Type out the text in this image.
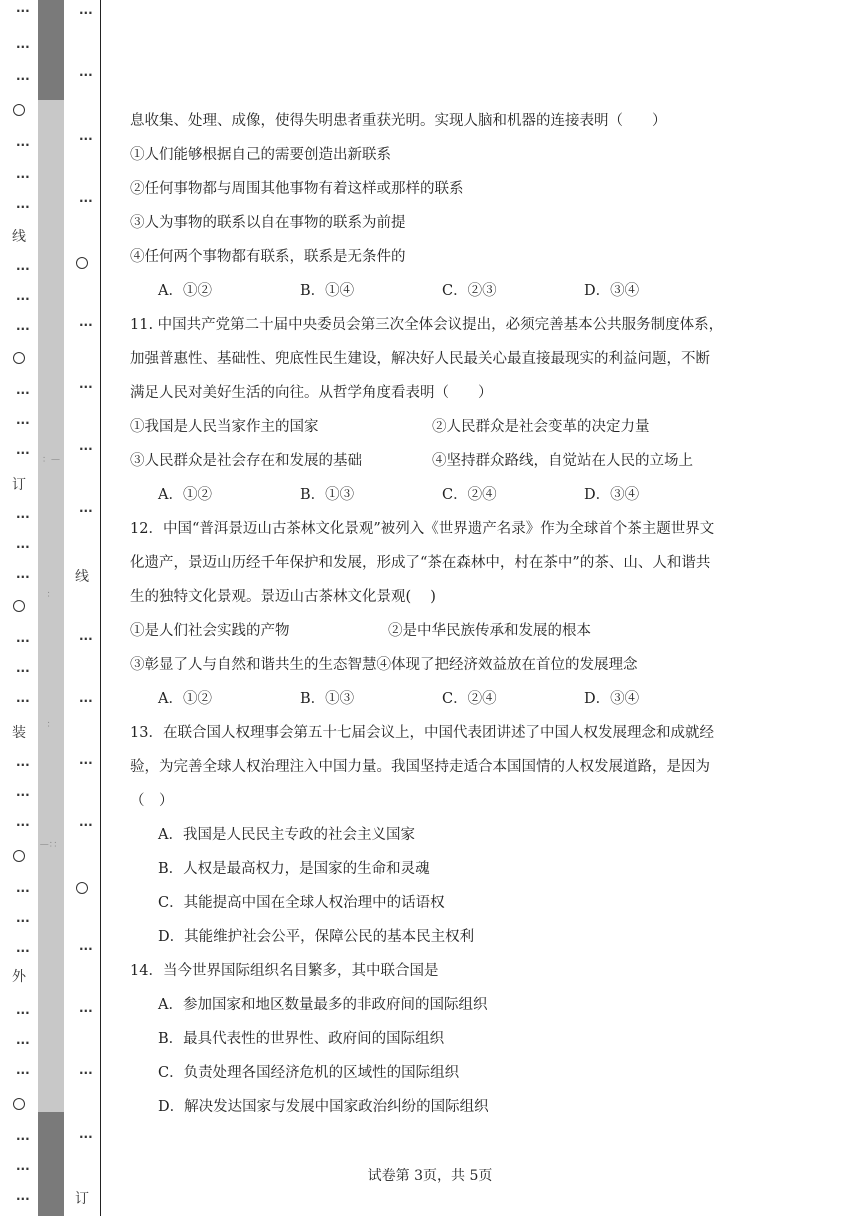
···
···
···
···
···
···
线
···
···
···
···
···
···
订
···
···
···
···
···
···
装
···
···
···
···
···
···
外
···
···
···
···
···
···
：—
：
：
—：：
···
···
···
···
···
···
···
···
线
···
···
···
···
···
···
···
···
订
息收集、处理、成像，使得失明患者重获光明。实现人脑和机器的连接表明（　　）
①人们能够根据自己的需要创造出新联系
②任何事物都与周围其他事物有着这样或那样的联系
③人为事物的联系以自在事物的联系为前提
④任何两个事物都有联系，联系是无条件的
A．①②	B．①④	C．②③	D．③④
11. 中国共产党第二十届中央委员会第三次全体会议提出，必须完善基本公共服务制度体系，
加强普惠性、基础性、兜底性民生建设，解决好人民最关心最直接最现实的利益问题，不断
满足人民对美好生活的向往。从哲学角度看表明（　　）
①我国是人民当家作主的国家	②人民群众是社会变革的决定力量
③人民群众是社会存在和发展的基础	④坚持群众路线，自觉站在人民的立场上
A．①②	B．①③	C．②④	D．③④
12．中国“普洱景迈山古茶林文化景观”被列入《世界遗产名录》作为全球首个茶主题世界文
化遗产，景迈山历经千年保护和发展，形成了“茶在森林中，村在茶中”的茶、山、人和谐共
生的独特文化景观。景迈山古茶林文化景观(　 )
①是人们社会实践的产物	②是中华民族传承和发展的根本
③彰显了人与自然和谐共生的生态智慧④体现了把经济效益放在首位的发展理念
A．①②	B．①③	C．②④	D．③④
13．在联合国人权理事会第五十七届会议上，中国代表团讲述了中国人权发展理念和成就经
验，为完善全球人权治理注入中国力量。我国坚持走适合本国国情的人权发展道路，是因为
（　）
A．我国是人民民主专政的社会主义国家
B．人权是最高权力，是国家的生命和灵魂
C．其能提高中国在全球人权治理中的话语权
D．其能维护社会公平，保障公民的基本民主权利
14．当今世界国际组织名目繁多，其中联合国是
A．参加国家和地区数量最多的非政府间的国际组织
B．最具代表性的世界性、政府间的国际组织
C．负责处理各国经济危机的区域性的国际组织
D．解决发达国家与发展中国家政治纠纷的国际组织
试卷第 3页，共 5页
